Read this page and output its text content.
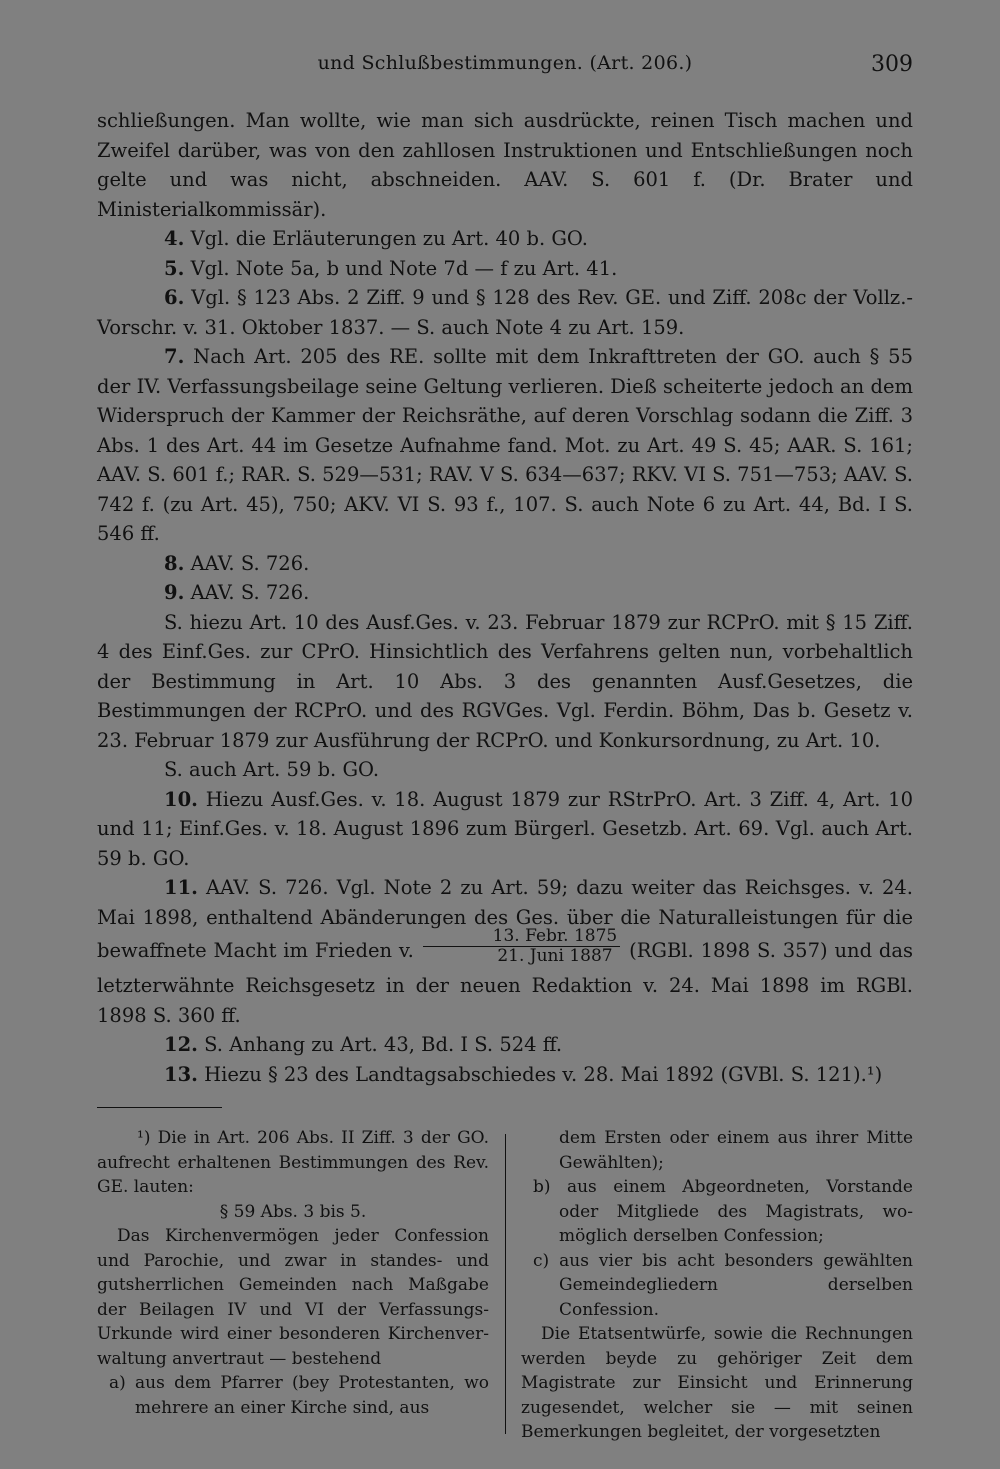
und Schlußbestimmungen. (Art. 206.)	309

schließungen. Man wollte, wie man sich ausdrückte, reinen Tisch machen und Zweifel darüber, was von den zahllosen Instruktionen und Entschließungen noch gelte und was nicht, abschneiden. AAV. S. 601 f. (Dr. Brater und Ministerialkommissär).

4. Vgl. die Erläuterungen zu Art. 40 b. GO.

5. Vgl. Note 5a, b und Note 7d — f zu Art. 41.

6. Vgl. § 123 Abs. 2 Ziff. 9 und § 128 des Rev. GE. und Ziff. 208c der Vollz.-Vorschr. v. 31. Oktober 1837. — S. auch Note 4 zu Art. 159.

7. Nach Art. 205 des RE. sollte mit dem Inkrafttreten der GO. auch § 55 der IV. Verfassungsbeilage seine Geltung verlieren. Dieß scheiterte jedoch an dem Widerspruch der Kammer der Reichsräthe, auf deren Vorschlag sodann die Ziff. 3 Abs. 1 des Art. 44 im Gesetze Aufnahme fand. Mot. zu Art. 49 S. 45; AAR. S. 161; AAV. S. 601 f.; RAR. S. 529—531; RAV. V S. 634—637; RKV. VI S. 751—753; AAV. S. 742 f. (zu Art. 45), 750; AKV. VI S. 93 f., 107. S. auch Note 6 zu Art. 44, Bd. I S. 546 ff.

8. AAV. S. 726.

9. AAV. S. 726.

S. hiezu Art. 10 des Ausf.Ges. v. 23. Februar 1879 zur RCPrO. mit § 15 Ziff. 4 des Einf.Ges. zur CPrO. Hinsichtlich des Verfahrens gelten nun, vorbehaltlich der Bestimmung in Art. 10 Abs. 3 des genannten Ausf.Gesetzes, die Bestimmungen der RCPrO. und des RGVGes. Vgl. Ferdin. Böhm, Das b. Gesetz v. 23. Februar 1879 zur Ausführung der RCPrO. und Konkursordnung, zu Art. 10.

S. auch Art. 59 b. GO.

10. Hiezu Ausf.Ges. v. 18. August 1879 zur RStrPrO. Art. 3 Ziff. 4, Art. 10 und 11; Einf.Ges. v. 18. August 1896 zum Bürgerl. Gesetzb. Art. 69. Vgl. auch Art. 59 b. GO.

11. AAV. S. 726. Vgl. Note 2 zu Art. 59; dazu weiter das Reichsges. v. 24. Mai 1898, enthaltend Abänderungen des Ges. über die Naturalleistungen für die bewaffnete Macht im Frieden v. $\frac{\text{13. Febr. 1875}}{\text{21. Juni 1887}}$ (RGBl. 1898 S. 357) und das letzterwähnte Reichsgesetz in der neuen Redaktion v. 24. Mai 1898 im RGBl. 1898 S. 360 ff.

12. S. Anhang zu Art. 43, Bd. I S. 524 ff.

13. Hiezu § 23 des Landtagsabschiedes v. 28. Mai 1892 (GVBl. S. 121).¹)

¹) Die in Art. 206 Abs. II Ziff. 3 der GO. aufrecht erhaltenen Bestimmungen des Rev. GE. lauten:

§ 59 Abs. 3 bis 5.

Das Kirchenvermögen jeder Confession und Parochie, und zwar in standes- und gutsherrlichen Gemeinden nach Maßgabe der Beilagen IV und VI der Verfassungs-Urkunde wird einer besonderen Kirchenverwaltung anvertraut — bestehend

a) aus dem Pfarrer (bey Protestanten, wo mehrere an einer Kirche sind, aus

dem Ersten oder einem aus ihrer Mitte Gewählten);

b) aus einem Abgeordneten, Vorstande oder Mitgliede des Magistrats, womöglich derselben Confession;

c) aus vier bis acht besonders gewählten Gemeindegliedern derselben Confession.

Die Etatsentwürfe, sowie die Rechnungen werden beyde zu gehöriger Zeit dem Magistrate zur Einsicht und Erinnerung zugesendet, welcher sie — mit seinen Bemerkungen begleitet, der vorgesetzten
